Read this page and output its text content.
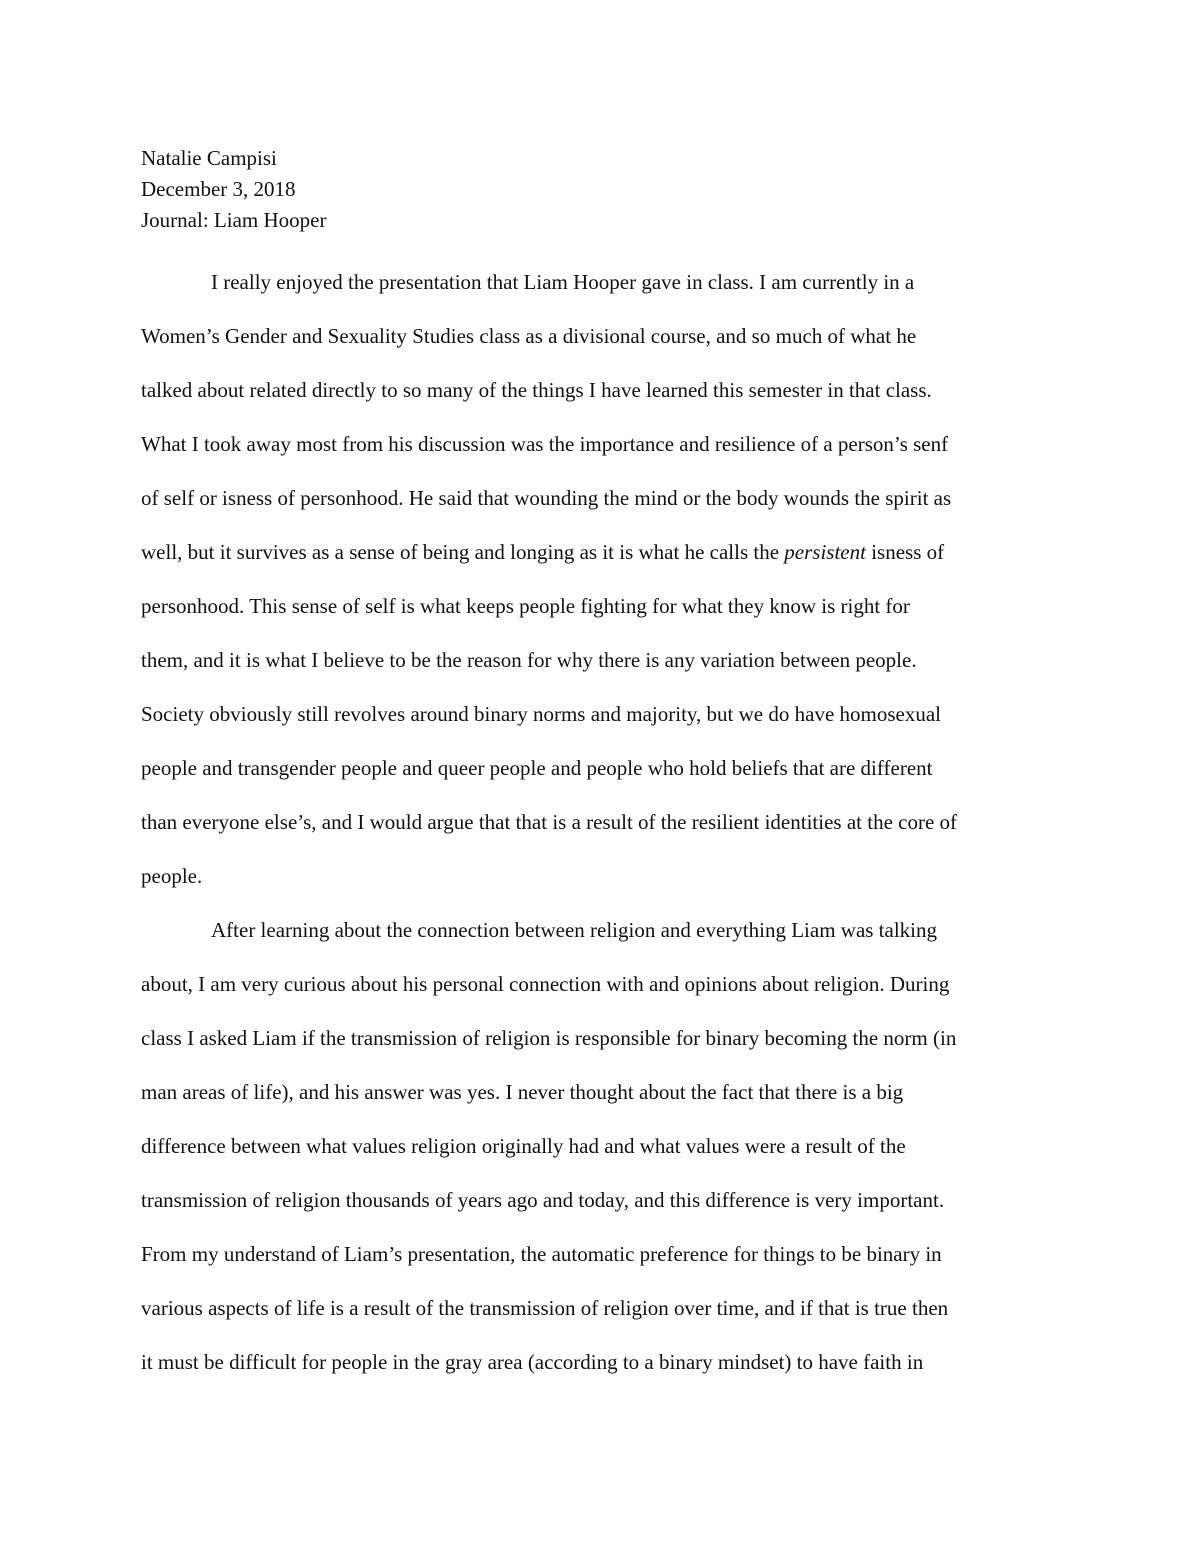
Natalie Campisi
December 3, 2018
Journal: Liam Hooper
I really enjoyed the presentation that Liam Hooper gave in class. I am currently in a
Women’s Gender and Sexuality Studies class as a divisional course, and so much of what he
talked about related directly to so many of the things I have learned this semester in that class.
What I took away most from his discussion was the importance and resilience of a person’s senf
of self or isness of personhood. He said that wounding the mind or the body wounds the spirit as
well, but it survives as a sense of being and longing as it is what he calls the persistent isness of
personhood. This sense of self is what keeps people fighting for what they know is right for
them, and it is what I believe to be the reason for why there is any variation between people.
Society obviously still revolves around binary norms and majority, but we do have homosexual
people and transgender people and queer people and people who hold beliefs that are different
than everyone else’s, and I would argue that that is a result of the resilient identities at the core of
people.
After learning about the connection between religion and everything Liam was talking
about, I am very curious about his personal connection with and opinions about religion. During
class I asked Liam if the transmission of religion is responsible for binary becoming the norm (in
man areas of life), and his answer was yes. I never thought about the fact that there is a big
difference between what values religion originally had and what values were a result of the
transmission of religion thousands of years ago and today, and this difference is very important.
From my understand of Liam’s presentation, the automatic preference for things to be binary in
various aspects of life is a result of the transmission of religion over time, and if that is true then
it must be difficult for people in the gray area (according to a binary mindset) to have faith in
